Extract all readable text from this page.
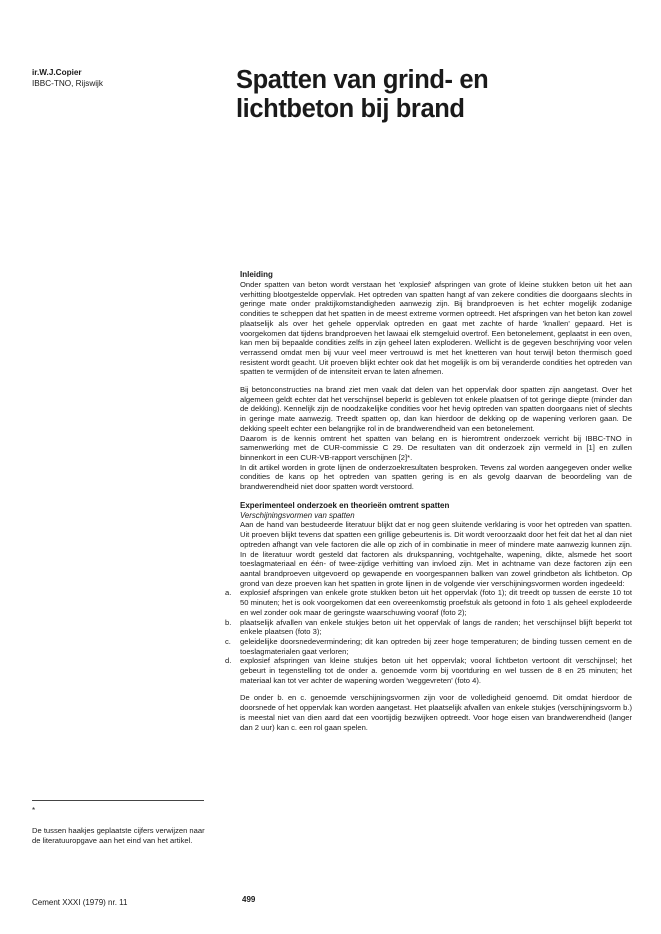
ir.W.J.Copier
IBBC-TNO, Rijswijk	Spatten van grind- en
lichtbeton bij brand
Inleiding

Onder spatten van beton wordt verstaan het 'explosief' afspringen van grote of kleine stukken beton uit het aan verhitting blootgestelde oppervlak. Het optreden van spatten hangt af van zekere condities die doorgaans slechts in geringe mate onder praktijkomstandigheden aanwezig zijn. Bij brandproeven is het echter mogelijk zodanige condities te scheppen dat het spatten in de meest extreme vormen optreedt. Het afspringen van het beton kan zowel plaatselijk als over het gehele oppervlak optreden en gaat met zachte of harde 'knallen' gepaard. Het is voorgekomen dat tijdens brandproeven het lawaai elk stemgeluid overtrof. Een betonelement, geplaatst in een oven, kan men bij bepaalde condities zelfs in zijn geheel laten exploderen. Wellicht is de gegeven beschrijving voor velen verrassend omdat men bij vuur veel meer vertrouwd is met het knetteren van hout terwijl beton thermisch goed resistent wordt geacht. Uit proeven blijkt echter ook dat het mogelijk is om bij veranderde condities het optreden van spatten te vermijden of de intensiteit ervan te laten afnemen.

Bij betonconstructies na brand ziet men vaak dat delen van het oppervlak door spatten zijn aangetast. Over het algemeen geldt echter dat het verschijnsel beperkt is gebleven tot enkele plaatsen of tot geringe diepte (minder dan de dekking). Kennelijk zijn de noodzakelijke condities voor het hevig optreden van spatten doorgaans niet of slechts in geringe mate aanwezig. Treedt spatten op, dan kan hierdoor de dekking op de wapening verloren gaan. De dekking speelt echter een belangrijke rol in de brandwerendheid van een betonelement.

Daarom is de kennis omtrent het spatten van belang en is hieromtrent onderzoek verricht bij IBBC-TNO in samenwerking met de CUR-commissie C 29. De resultaten van dit onderzoek zijn vermeld in [1] en zullen binnenkort in een CUR-VB-rapport verschijnen [2]*.

In dit artikel worden in grote lijnen de onderzoekresultaten besproken. Tevens zal worden aangegeven onder welke condities de kans op het optreden van spatten gering is en als gevolg daarvan de beoordeling van de brandwerendheid niet door spatten wordt verstoord.

Experimenteel onderzoek en theorieën omtrent spatten
Verschijningsvormen van spatten

Aan de hand van bestudeerde literatuur blijkt dat er nog geen sluitende verklaring is voor het optreden van spatten. Uit proeven blijkt tevens dat spatten een grillige gebeurtenis is. Dit wordt veroorzaakt door het feit dat het al dan niet optreden afhangt van vele factoren die alle op zich of in combinatie in meer of mindere mate aanwezig kunnen zijn. In de literatuur wordt gesteld dat factoren als drukspanning, vochtgehalte, wapening, dikte, alsmede het soort toeslagmateriaal en één- of twee-zijdige verhitting van invloed zijn. Met in achtname van deze factoren zijn een aantal brandproeven uitgevoerd op gewapende en voorgespannen balken van zowel grindbeton als lichtbeton. Op grond van deze proeven kan het spatten in grote lijnen in de volgende vier verschijningsvormen worden ingedeeld:

a. explosief afspringen van enkele grote stukken beton uit het oppervlak (foto 1); dit treedt op tussen de eerste 10 tot 50 minuten; het is ook voorgekomen dat een overeenkomstig proefstuk als getoond in foto 1 als geheel explodeerde en wel zonder ook maar de geringste waarschuwing vooraf (foto 2);
b. plaatselijk afvallen van enkele stukjes beton uit het oppervlak of langs de randen; het verschijnsel blijft beperkt tot enkele plaatsen (foto 3);
c. geleidelijke doorsnedevermindering; dit kan optreden bij zeer hoge temperaturen; de binding tussen cement en de toeslagmaterialen gaat verloren;
d. explosief afspringen van kleine stukjes beton uit het oppervlak; vooral lichtbeton vertoont dit verschijnsel; het gebeurt in tegenstelling tot de onder a. genoemde vorm bij voortduring en wel tussen de 8 en 25 minuten; het materiaal kan tot ver achter de wapening worden 'weggevreten' (foto 4).

De onder b. en c. genoemde verschijningsvormen zijn voor de volledigheid genoemd. Dit omdat hierdoor de doorsnede of het oppervlak kan worden aangetast. Het plaatselijk afvallen van enkele stukjes (verschijningsvorm b.) is meestal niet van dien aard dat een voortijdig bezwijken optreedt. Voor hoge eisen van brandwerendheid (langer dan 2 uur) kan c. een rol gaan spelen.

*
De tussen haakjes geplaatste cijfers verwijzen naar de literatuuropgave aan het eind van het artikel.
Cement XXXI (1979) nr. 11	499
